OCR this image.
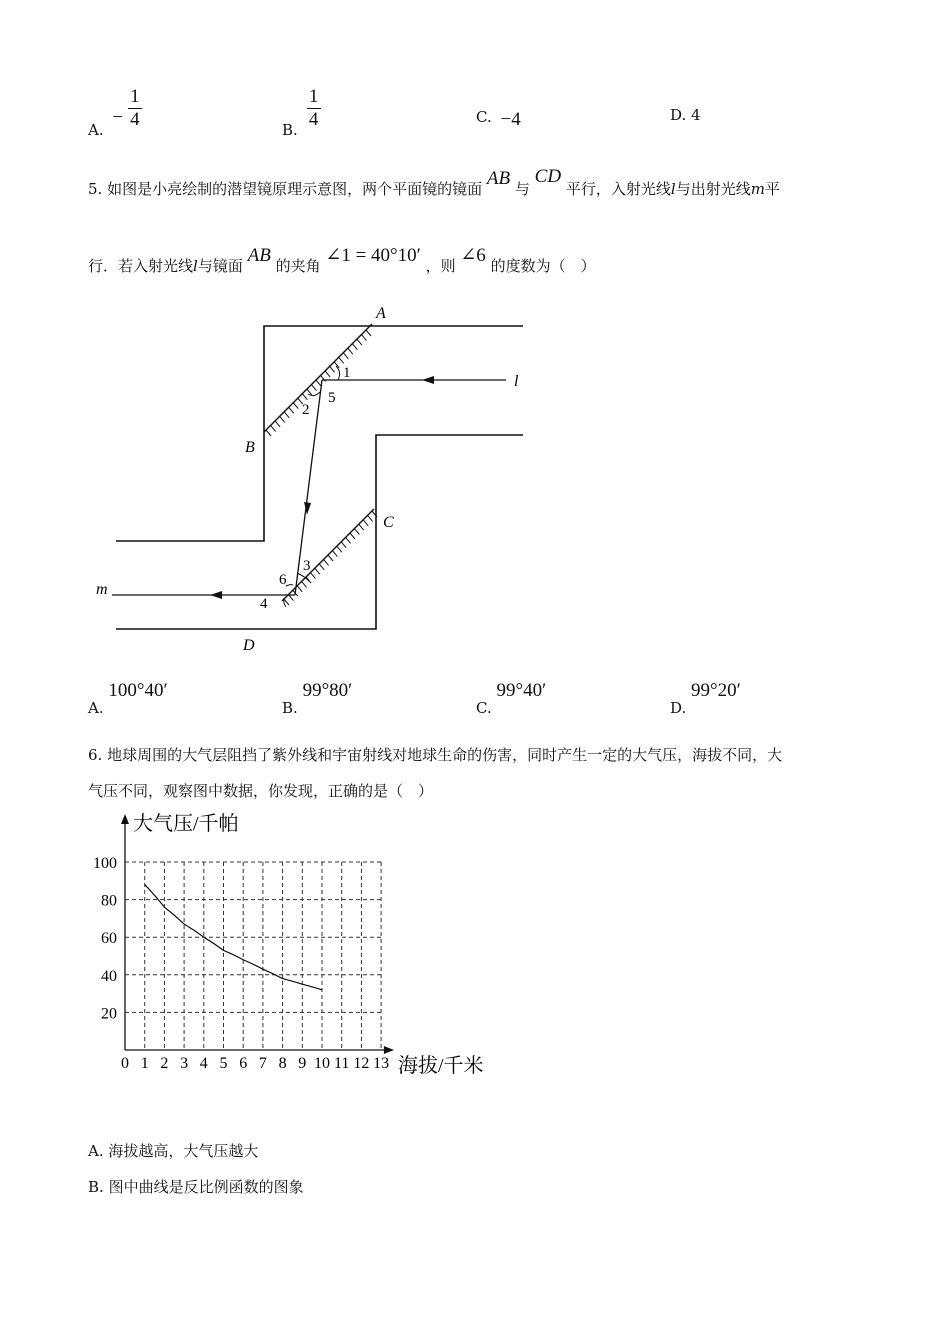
A. − $\frac{1}{4}$	B. $\frac{1}{4}$	C. −4	D. 4
5. 如图是小亮绘制的潜望镜原理示意图，两个平面镜的镜面 AB 与 CD 平行，入射光线l与出射光线m平
行．若入射光线l与镜面 AB 的夹角 ∠1 = 40°10′ ，则 ∠6 的度数为（　）
A
B
C
D
l
m
1
2
5
3
6
4
A. 100°40′
B. 99°80′
C. 99°40′
D. 99°20′
6. 地球周围的大气层阻挡了紫外线和宇宙射线对地球生命的伤害，同时产生一定的大气压，海拔不同，大
气压不同，观察图中数据，你发现，正确的是（　）
0 1 2 3 4 5 6 7 8 9 10 11 12 13
20
40
60
80
100
大气压/千帕
海拔/千米
A. 海拔越高，大气压越大
B. 图中曲线是反比例函数的图象
